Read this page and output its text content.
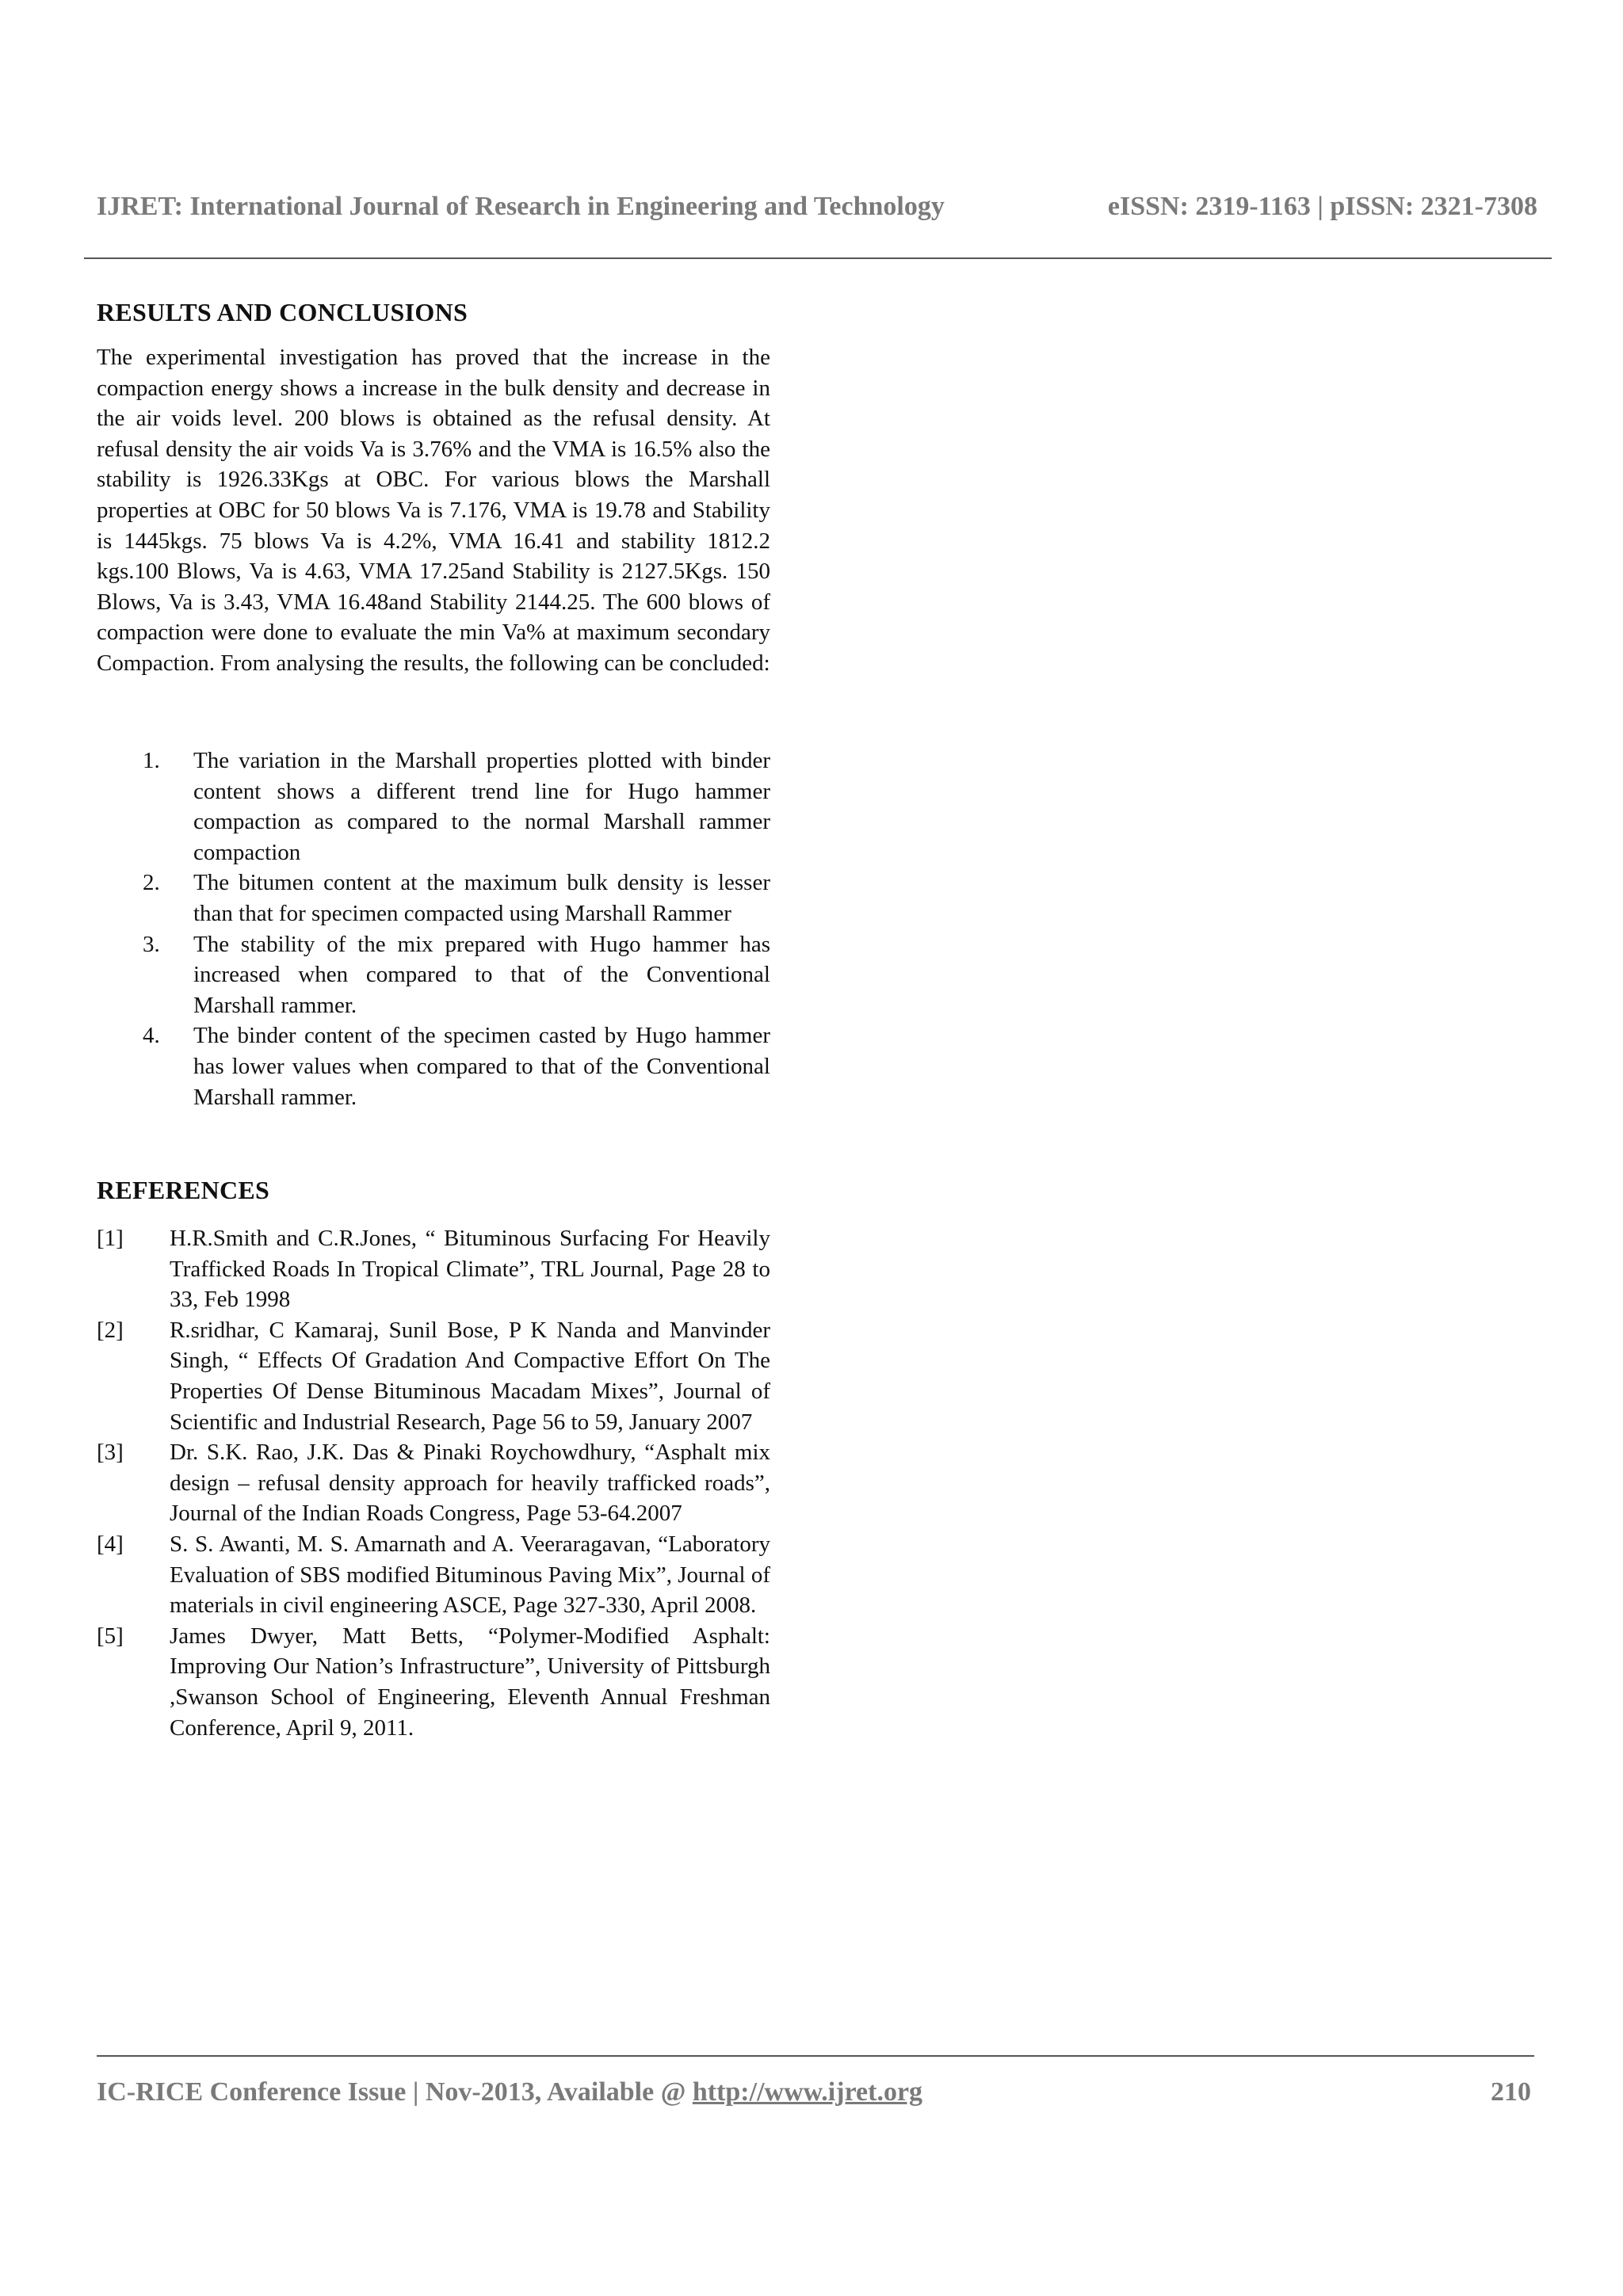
IJRET: International Journal of Research in Engineering and Technology	eISSN: 2319-1163 | pISSN: 2321-7308
RESULTS AND CONCLUSIONS

The experimental investigation has proved that the increase in the compaction energy shows a increase in the bulk density and decrease in the air voids level. 200 blows is obtained as the refusal density. At refusal density the air voids Va is 3.76% and the VMA is 16.5% also the stability is 1926.33Kgs at OBC. For various blows the Marshall properties at OBC for 50 blows Va is 7.176, VMA is 19.78 and Stability is 1445kgs. 75 blows Va is 4.2%, VMA 16.41 and stability 1812.2 kgs.100 Blows, Va is 4.63, VMA 17.25and Stability is 2127.5Kgs. 150 Blows, Va is 3.43, VMA 16.48and Stability 2144.25. The 600 blows of compaction were done to evaluate the min Va% at maximum secondary Compaction. From analysing the results, the following can be concluded:

1. The variation in the Marshall properties plotted with binder content shows a different trend line for Hugo hammer compaction as compared to the normal Marshall rammer compaction
2. The bitumen content at the maximum bulk density is lesser than that for specimen compacted using Marshall Rammer
3. The stability of the mix prepared with Hugo hammer has increased when compared to that of the Conventional Marshall rammer.
4. The binder content of the specimen casted by Hugo hammer has lower values when compared to that of the Conventional Marshall rammer.
REFERENCES
[1] H.R.Smith and C.R.Jones, “ Bituminous Surfacing For Heavily Trafficked Roads In Tropical Climate”, TRL Journal, Page 28 to 33, Feb 1998
[2] R.sridhar, C Kamaraj, Sunil Bose, P K Nanda and Manvinder Singh, “ Effects Of Gradation And Compactive Effort On The Properties Of Dense Bituminous Macadam Mixes”, Journal of Scientific and Industrial Research, Page 56 to 59, January 2007
[3] Dr. S.K. Rao, J.K. Das & Pinaki Roychowdhury, “Asphalt mix design – refusal density approach for heavily trafficked roads”, Journal of the Indian Roads Congress, Page 53-64.2007
[4] S. S. Awanti, M. S. Amarnath and A. Veeraragavan, “Laboratory Evaluation of SBS modified Bituminous Paving Mix”, Journal of materials in civil engineering ASCE, Page 327-330, April 2008.
[5] James Dwyer, Matt Betts, “Polymer-Modified Asphalt: Improving Our Nation’s Infrastructure”, University of Pittsburgh ,Swanson School of Engineering, Eleventh Annual Freshman Conference, April 9, 2011.
IC-RICE Conference Issue | Nov-2013, Available @ http://www.ijret.org	210
